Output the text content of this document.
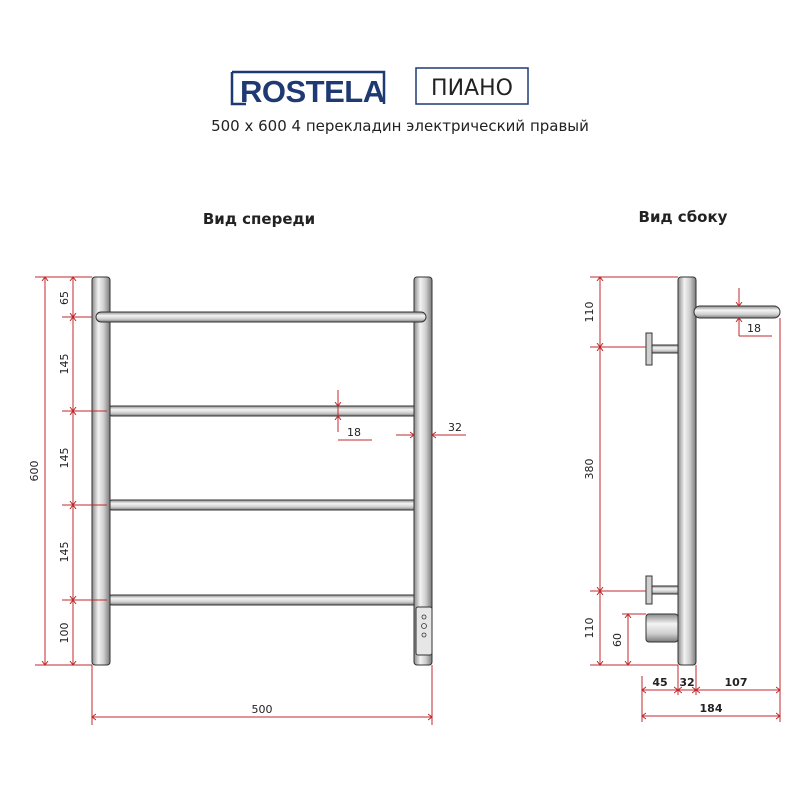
ROSTELA ПИАНО
500 х 600 4 перекладин электрический правый
Вид спереди
600
65
145
145
145
100
18	32
500
Вид сбоку
110
380
110
60
18
45 32	107
184
